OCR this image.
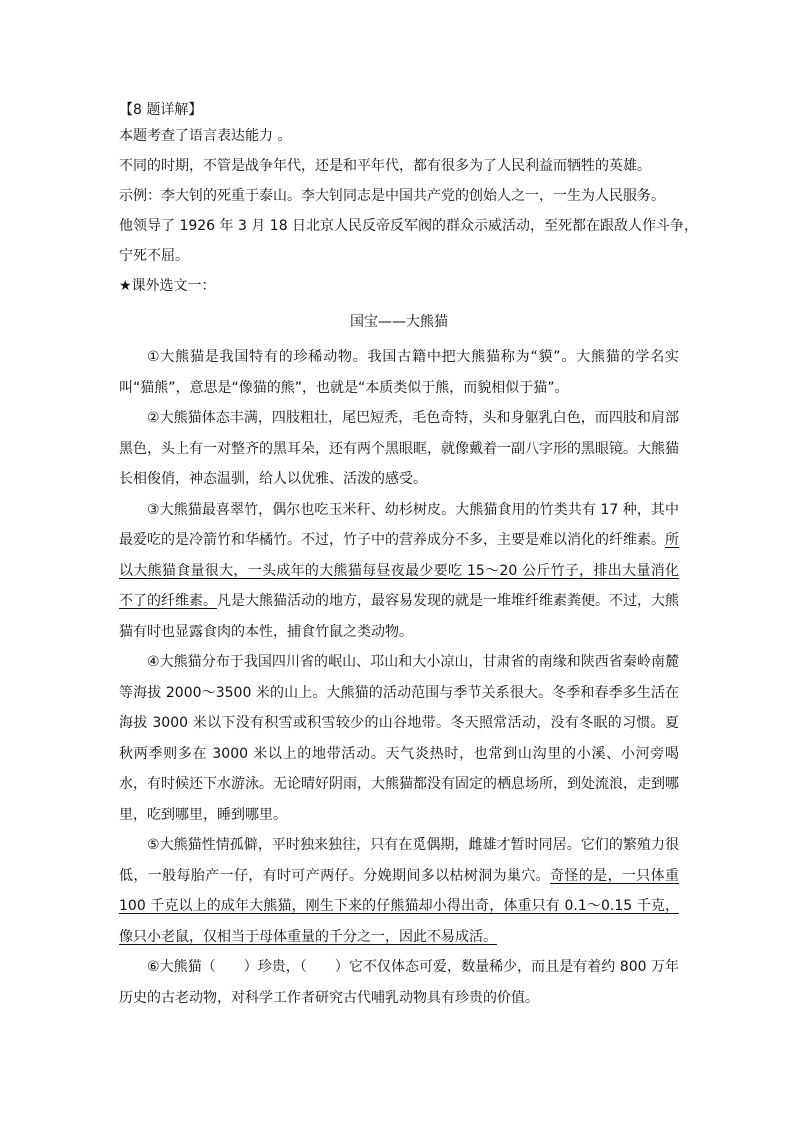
【8 题详解】
本题考查了语言表达能力 。
不同的时期，不管是战争年代，还是和平年代，都有很多为了人民利益而牺牲的英雄。
示例：李大钊的死重于泰山。李大钊同志是中国共产党的创始人之一，一生为人民服务。
他领导了 1926 年 3 月 18 日北京人民反帝反军阀的群众示威活动，至死都在跟敌人作斗争，
宁死不屈。
★课外选文一：
国宝——大熊猫
①大熊猫是我国特有的珍稀动物。我国古籍中把大熊猫称为“貘”。大熊猫的学名实叫“猫熊”，意思是“像猫的熊”，也就是“本质类似于熊，而貌相似于猫”。
②大熊猫体态丰满，四肢粗壮，尾巴短秃，毛色奇特，头和身躯乳白色，而四肢和肩部黑色，头上有一对整齐的黑耳朵，还有两个黑眼眶，就像戴着一副八字形的黑眼镜。大熊猫长相俊俏，神态温驯，给人以优雅、活泼的感受。
③大熊猫最喜翠竹，偶尔也吃玉米秆、幼杉树皮。大熊猫食用的竹类共有 17 种，其中最爱吃的是冷箭竹和华橘竹。不过，竹子中的营养成分不多，主要是难以消化的纤维素。所以大熊猫食量很大，一头成年的大熊猫每昼夜最少要吃 15～20 公斤竹子，排出大量消化不了的纤维素。凡是大熊猫活动的地方，最容易发现的就是一堆堆纤维素粪便。不过，大熊猫有时也显露食肉的本性，捕食竹鼠之类动物。
④大熊猫分布于我国四川省的岷山、邛山和大小凉山，甘肃省的南缘和陕西省秦岭南麓等海拔 2000～3500 米的山上。大熊猫的活动范围与季节关系很大。冬季和春季多生活在海拔 3000 米以下没有积雪或积雪较少的山谷地带。冬天照常活动，没有冬眠的习惯。夏秋两季则多在 3000 米以上的地带活动。天气炎热时，也常到山沟里的小溪、小河旁喝水，有时候还下水游泳。无论晴好阴雨，大熊猫都没有固定的栖息场所，到处流浪，走到哪里，吃到哪里，睡到哪里。
⑤大熊猫性情孤僻，平时独来独往，只有在觅偶期，雌雄才暂时同居。它们的繁殖力很低，一般每胎产一仔，有时可产两仔。分娩期间多以枯树洞为巢穴。奇怪的是，一只体重 100 千克以上的成年大熊猫，刚生下来的仔熊猫却小得出奇，体重只有 0.1～0.15 千克，像只小老鼠，仅相当于母体重量的千分之一，因此不易成活。
⑥大熊猫（　　）珍贵，（　　）它不仅体态可爱，数量稀少，而且是有着约 800 万年历史的古老动物，对科学工作者研究古代哺乳动物具有珍贵的价值。
